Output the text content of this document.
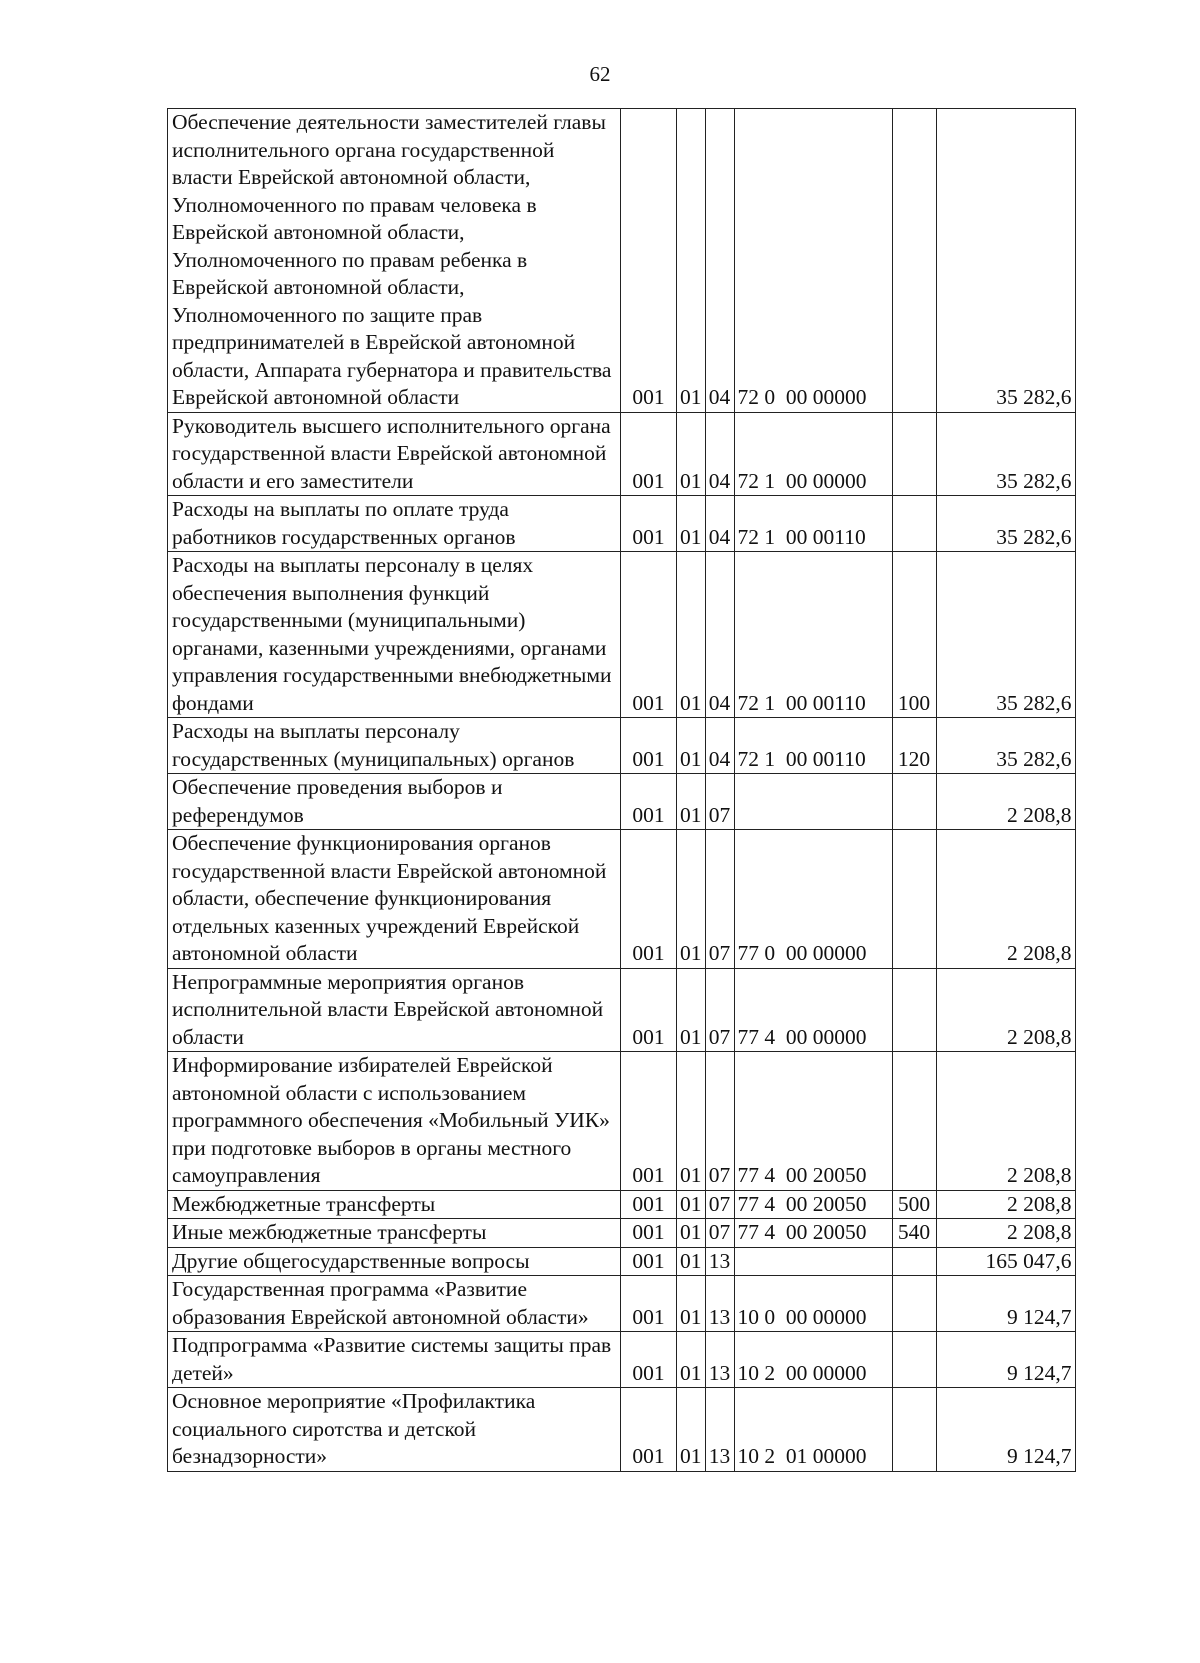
62
Обеспечение деятельности заместителей главы исполнительного органа государственной власти Еврейской автономной области, Уполномоченного по правам человека в Еврейской автономной области, Уполномоченного по правам ребенка в Еврейской автономной области, Уполномоченного по защите прав предпринимателей в Еврейской автономной области, Аппарата губернатора и правительства Еврейской автономной области	001	01	04	72 0  00 00000		35 282,6
Руководитель высшего исполнительного органа государственной власти Еврейской автономной области и его заместители	001	01	04	72 1  00 00000		35 282,6
Расходы на выплаты по оплате труда работников государственных органов	001	01	04	72 1  00 00110		35 282,6
Расходы на выплаты персоналу в целях обеспечения выполнения функций государственными (муниципальными) органами, казенными учреждениями, органами управления государственными внебюджетными фондами	001	01	04	72 1  00 00110	100	35 282,6
Расходы на выплаты персоналу государственных (муниципальных) органов	001	01	04	72 1  00 00110	120	35 282,6
Обеспечение проведения выборов и референдумов	001	01	07			2 208,8
Обеспечение функционирования органов государственной власти Еврейской автономной области, обеспечение функционирования отдельных казенных учреждений Еврейской автономной области	001	01	07	77 0  00 00000		2 208,8
Непрограммные мероприятия органов исполнительной власти Еврейской автономной области	001	01	07	77 4  00 00000		2 208,8
Информирование избирателей Еврейской автономной области с использованием программного обеспечения «Мобильный УИК» при подготовке выборов в органы местного самоуправления	001	01	07	77 4  00 20050		2 208,8
Межбюджетные трансферты	001	01	07	77 4  00 20050	500	2 208,8
Иные межбюджетные трансферты	001	01	07	77 4  00 20050	540	2 208,8
Другие общегосударственные вопросы	001	01	13			165 047,6
Государственная программа «Развитие образования Еврейской автономной области»	001	01	13	10 0  00 00000		9 124,7
Подпрограмма «Развитие системы защиты прав детей»	001	01	13	10 2  00 00000		9 124,7
Основное мероприятие «Профилактика социального сиротства и детской безнадзорности»	001	01	13	10 2  01 00000		9 124,7
